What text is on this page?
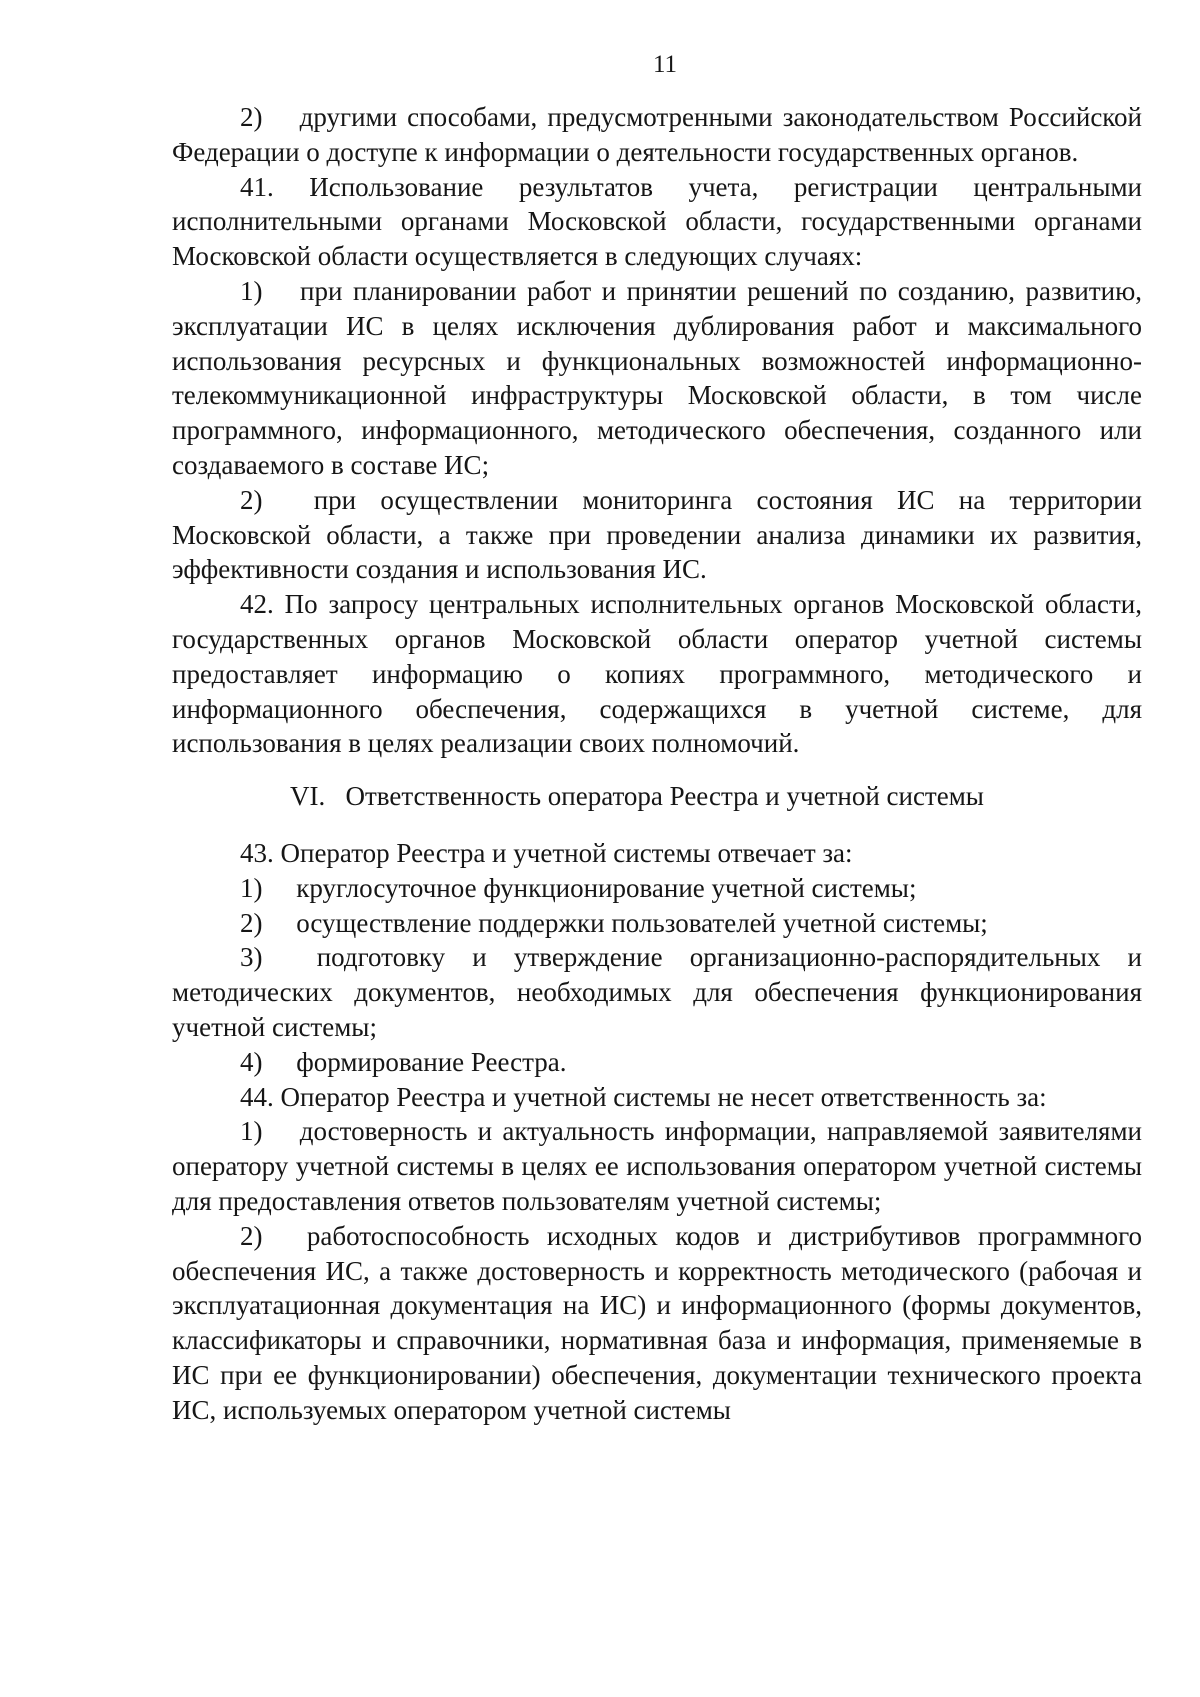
11

2)  другими способами, предусмотренными законодательством Российской Федерации о доступе к информации о деятельности государственных органов.

41. Использование результатов учета, регистрации центральными исполнительными органами Московской области, государственными органами Московской области осуществляется в следующих случаях:

1)  при планировании работ и принятии решений по созданию, развитию, эксплуатации ИС в целях исключения дублирования работ и максимального использования ресурсных и функциональных возможностей информационно-телекоммуникационной инфраструктуры Московской области, в том числе программного, информационного, методического обеспечения, созданного или создаваемого в составе ИС;

2)  при осуществлении мониторинга состояния ИС на территории Московской области, а также при проведении анализа динамики их развития, эффективности создания и использования ИС.

42. По запросу центральных исполнительных органов Московской области, государственных органов Московской области оператор учетной системы предоставляет информацию о копиях программного, методического и информационного обеспечения, содержащихся в учетной системе, для использования в целях реализации своих полномочий.

VI.  Ответственность оператора Реестра и учетной системы

43. Оператор Реестра и учетной системы отвечает за:

1)  круглосуточное функционирование учетной системы;

2)  осуществление поддержки пользователей учетной системы;

3)  подготовку и утверждение организационно-распорядительных и методических документов, необходимых для обеспечения функционирования учетной системы;

4)  формирование Реестра.

44. Оператор Реестра и учетной системы не несет ответственность за:

1)  достоверность и актуальность информации, направляемой заявителями оператору учетной системы в целях ее использования оператором учетной системы для предоставления ответов пользователям учетной системы;

2)  работоспособность исходных кодов и дистрибутивов программного обеспечения ИС, а также достоверность и корректность методического (рабочая и эксплуатационная документация на ИС) и информационного (формы документов, классификаторы и справочники, нормативная база и информация, применяемые в ИС при ее функционировании) обеспечения, документации технического проекта ИС, используемых оператором учетной системы
